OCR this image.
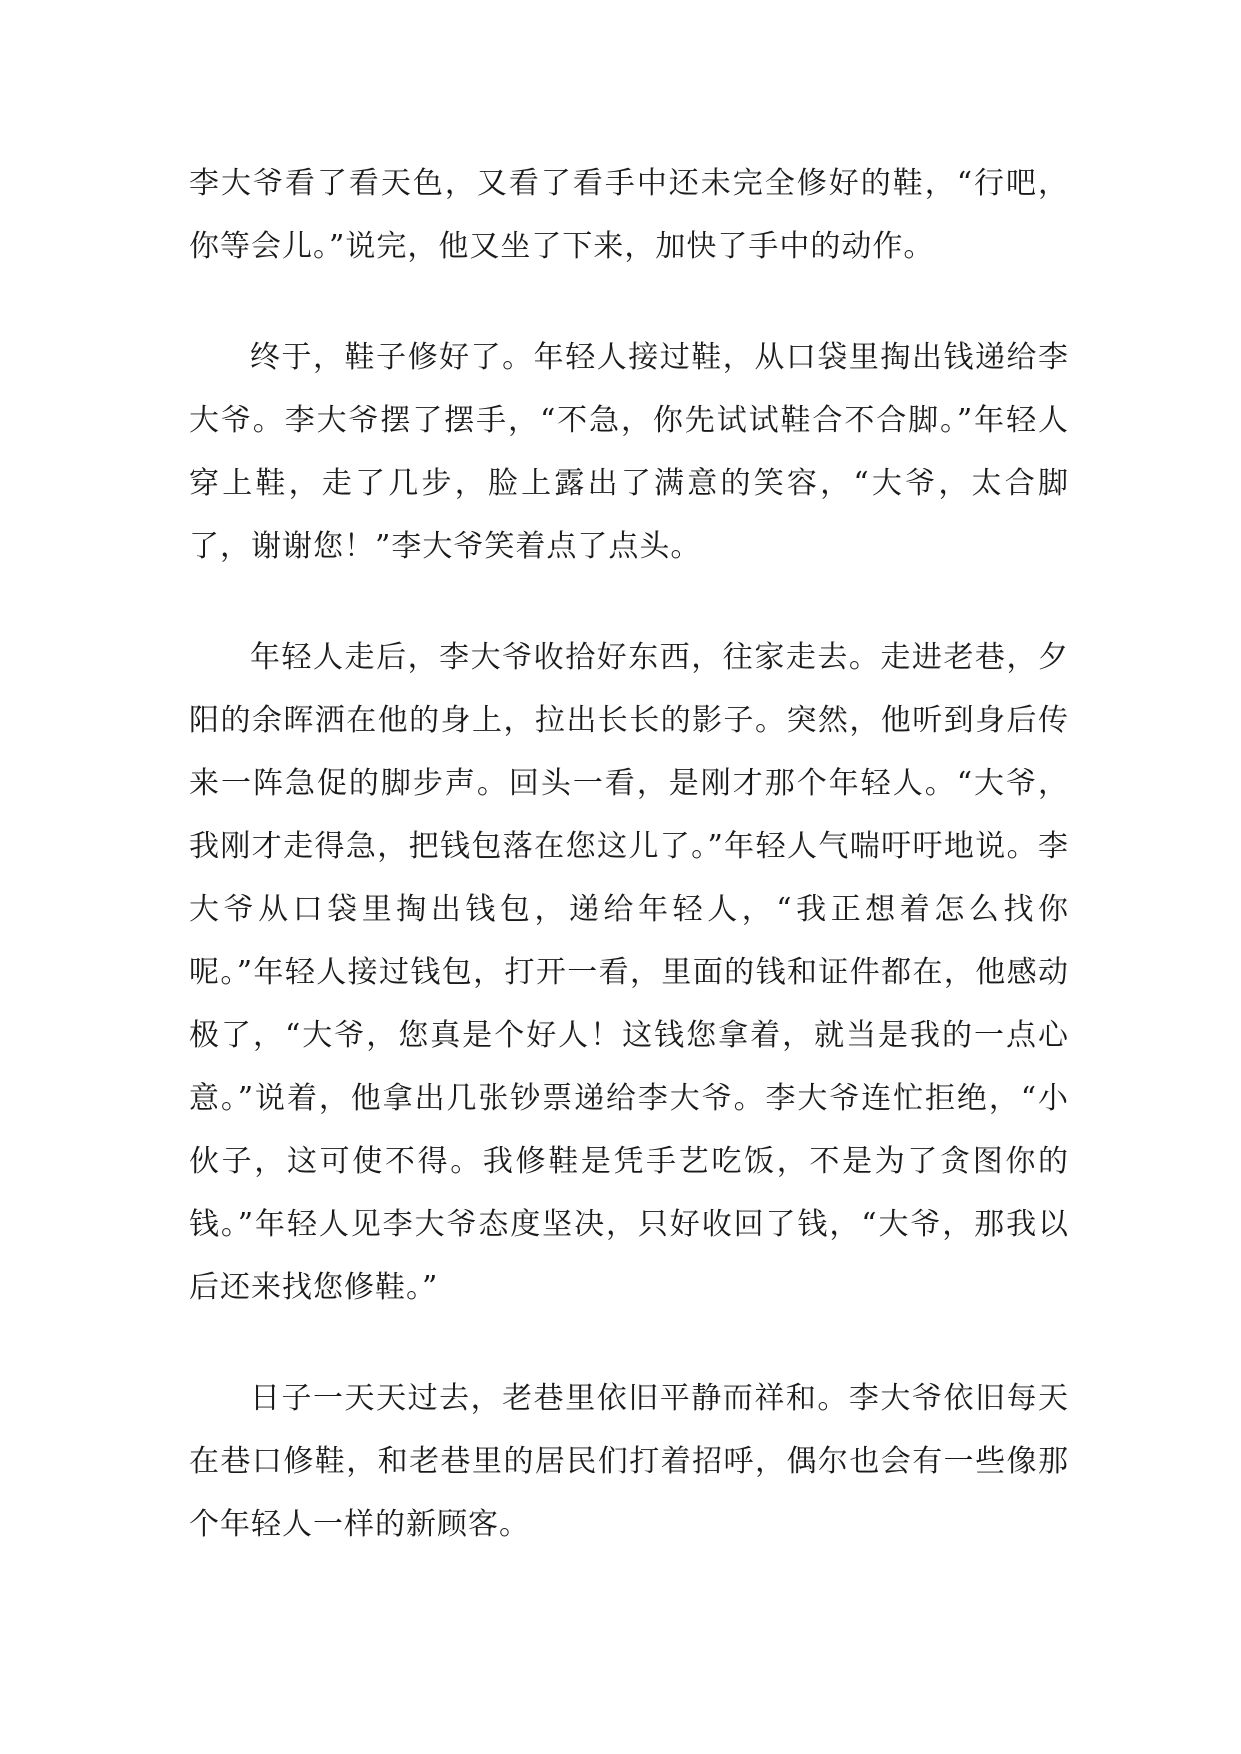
李大爷看了看天色，又看了看手中还未完全修好的鞋，“行吧，你等会儿。”说完，他又坐了下来，加快了手中的动作。

终于，鞋子修好了。年轻人接过鞋，从口袋里掏出钱递给李大爷。李大爷摆了摆手，“不急，你先试试鞋合不合脚。”年轻人穿上鞋，走了几步，脸上露出了满意的笑容，“大爷，太合脚了，谢谢您！”李大爷笑着点了点头。

年轻人走后，李大爷收拾好东西，往家走去。走进老巷，夕阳的余晖洒在他的身上，拉出长长的影子。突然，他听到身后传来一阵急促的脚步声。回头一看，是刚才那个年轻人。“大爷，我刚才走得急，把钱包落在您这儿了。”年轻人气喘吁吁地说。李大爷从口袋里掏出钱包，递给年轻人，“我正想着怎么找你呢。”年轻人接过钱包，打开一看，里面的钱和证件都在，他感动极了，“大爷，您真是个好人！这钱您拿着，就当是我的一点心意。”说着，他拿出几张钞票递给李大爷。李大爷连忙拒绝，“小伙子，这可使不得。我修鞋是凭手艺吃饭，不是为了贪图你的钱。”年轻人见李大爷态度坚决，只好收回了钱，“大爷，那我以后还来找您修鞋。”

日子一天天过去，老巷里依旧平静而祥和。李大爷依旧每天在巷口修鞋，和老巷里的居民们打着招呼，偶尔也会有一些像那个年轻人一样的新顾客。
